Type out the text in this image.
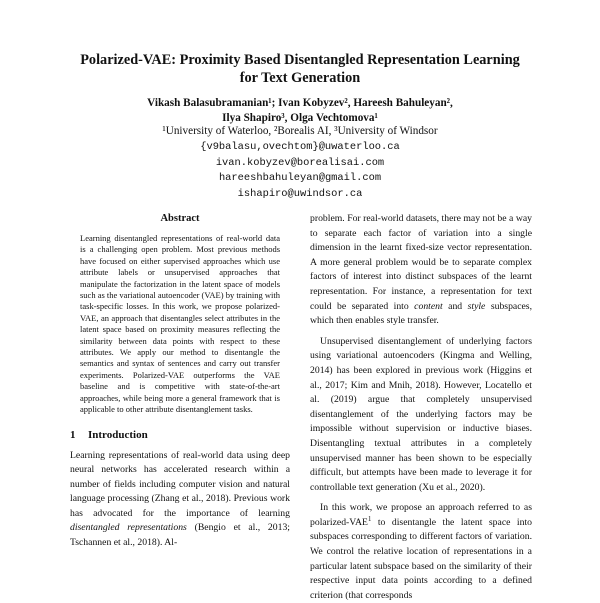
Polarized-VAE: Proximity Based Disentangled Representation Learning
for Text Generation
Vikash Balasubramanian¹; Ivan Kobyzev², Hareesh Bahuleyan²,
Ilya Shapiro³, Olga Vechtomova¹
¹University of Waterloo, ²Borealis AI, ³University of Windsor
{v9balasu,ovechtom}@uwaterloo.ca
ivan.kobyzev@borealisai.com
hareeshbahuleyan@gmail.com
ishapiro@uwindsor.ca
Abstract

Learning disentangled representations of real-world data is a challenging open problem. Most previous methods have focused on either supervised approaches which use attribute labels or unsupervised approaches that manipulate the factorization in the latent space of models such as the variational autoencoder (VAE) by training with task-specific losses. In this work, we propose polarized-VAE, an approach that disentangles select attributes in the latent space based on proximity measures reflecting the similarity between data points with respect to these attributes. We apply our method to disentangle the semantics and syntax of sentences and carry out transfer experiments. Polarized-VAE outperforms the VAE baseline and is competitive with state-of-the-art approaches, while being more a general framework that is applicable to other attribute disentanglement tasks.

1 Introduction

Learning representations of real-world data using deep neural networks has accelerated research within a number of fields including computer vision and natural language processing (Zhang et al., 2018). Previous work has advocated for the importance of learning disentangled representations (Bengio et al., 2013; Tschannen et al., 2018). Al-

problem. For real-world datasets, there may not be a way to separate each factor of variation into a single dimension in the learnt fixed-size vector representation. A more general problem would be to separate complex factors of interest into distinct subspaces of the learnt representation. For instance, a representation for text could be separated into content and style subspaces, which then enables style transfer.

Unsupervised disentanglement of underlying factors using variational autoencoders (Kingma and Welling, 2014) has been explored in previous work (Higgins et al., 2017; Kim and Mnih, 2018). However, Locatello et al. (2019) argue that completely unsupervised disentanglement of the underlying factors may be impossible without supervision or inductive biases. Disentangling textual attributes in a completely unsupervised manner has been shown to be especially difficult, but attempts have been made to leverage it for controllable text generation (Xu et al., 2020).

In this work, we propose an approach referred to as polarized-VAE$^1$ to disentangle the latent space into subspaces corresponding to different factors of variation. We control the relative location of representations in a particular latent subspace based on the similarity of their respective input data points according to a defined criterion (that corresponds
